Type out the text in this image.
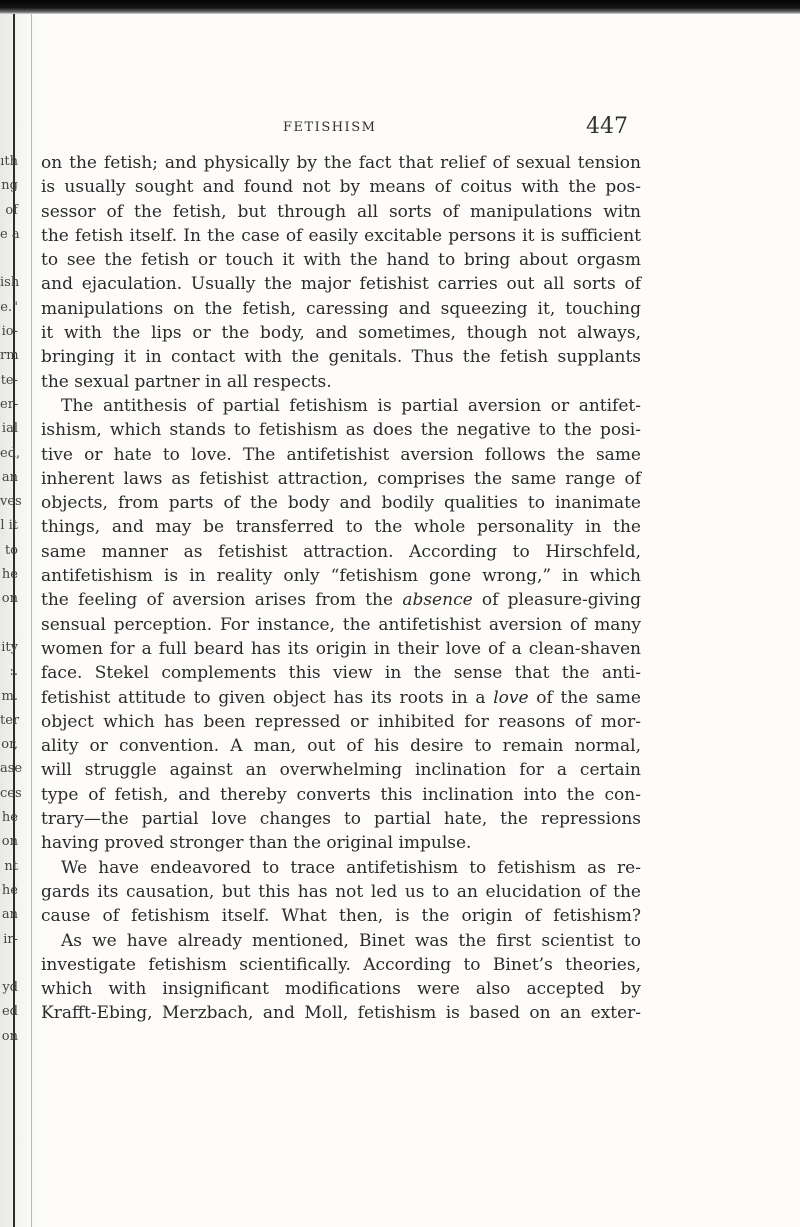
ıth
ng
of
e a
ish
e."
io-
rm
te-
er-
ial
ed,
an
ves
l it
to
he
on
ity
:.
m.
ter
or,
ase
ces
he
on
nt
he
an
ir-
yd
ed
on
FETISHISM	447
on the fetish; and physically by the fact that relief of sexual tension
is usually sought and found not by means of coitus with the pos-
sessor of the fetish, but through all sorts of manipulations witn
the fetish itself. In the case of easily excitable persons it is sufficient
to see the fetish or touch it with the hand to bring about orgasm
and ejaculation. Usually the major fetishist carries out all sorts of
manipulations on the fetish, caressing and squeezing it, touching
it with the lips or the body, and sometimes, though not always,
bringing it in contact with the genitals. Thus the fetish supplants
the sexual partner in all respects.
The antithesis of partial fetishism is partial aversion or antifet-
ishism, which stands to fetishism as does the negative to the posi-
tive or hate to love. The antifetishist aversion follows the same
inherent laws as fetishist attraction, comprises the same range of
objects, from parts of the body and bodily qualities to inanimate
things, and may be transferred to the whole personality in the
same manner as fetishist attraction. According to Hirschfeld,
antifetishism is in reality only “fetishism gone wrong,” in which
the feeling of aversion arises from the absence of pleasure-giving
sensual perception. For instance, the antifetishist aversion of many
women for a full beard has its origin in their love of a clean-shaven
face. Stekel complements this view in the sense that the anti-
fetishist attitude to given object has its roots in a love of the same
object which has been repressed or inhibited for reasons of mor-
ality or convention. A man, out of his desire to remain normal,
will struggle against an overwhelming inclination for a certain
type of fetish, and thereby converts this inclination into the con-
trary—the partial love changes to partial hate, the repressions
having proved stronger than the original impulse.
We have endeavored to trace antifetishism to fetishism as re-
gards its causation, but this has not led us to an elucidation of the
cause of fetishism itself. What then, is the origin of fetishism?
As we have already mentioned, Binet was the first scientist to
investigate fetishism scientifically. According to Binet’s theories,
which with insignificant modifications were also accepted by
Krafft-Ebing, Merzbach, and Moll, fetishism is based on an exter-
